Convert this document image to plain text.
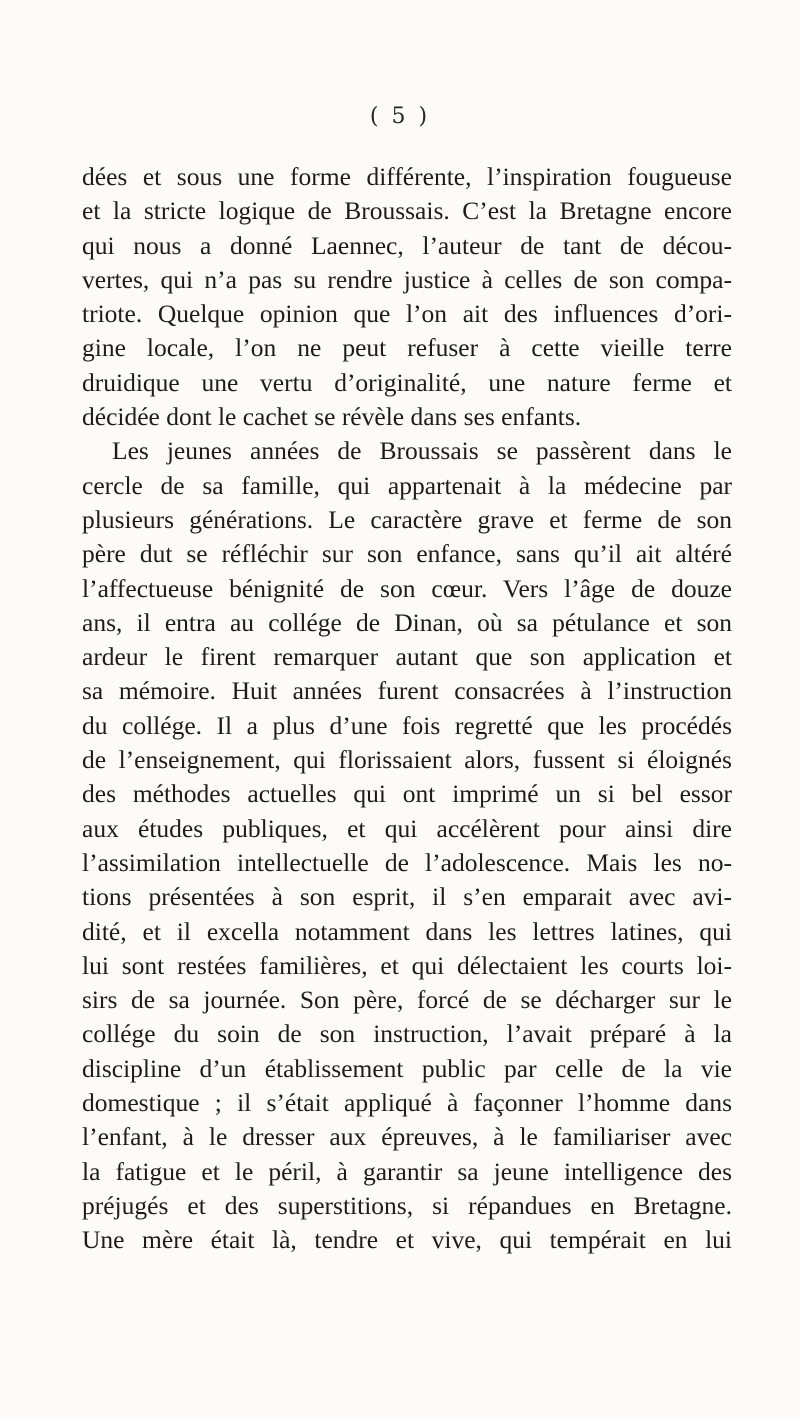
( 5 )
dées et sous une forme différente, l’inspiration fougueuse
et la stricte logique de Broussais. C’est la Bretagne encore
qui nous a donné Laennec, l’auteur de tant de décou-
vertes, qui n’a pas su rendre justice à celles de son compa-
triote. Quelque opinion que l’on ait des influences d’ori-
gine locale, l’on ne peut refuser à cette vieille terre
druidique une vertu d’originalité, une nature ferme et
décidée dont le cachet se révèle dans ses enfants.
Les jeunes années de Broussais se passèrent dans le
cercle de sa famille, qui appartenait à la médecine par
plusieurs générations. Le caractère grave et ferme de son
père dut se réfléchir sur son enfance, sans qu’il ait altéré
l’affectueuse bénignité de son cœur. Vers l’âge de douze
ans, il entra au collége de Dinan, où sa pétulance et son
ardeur le firent remarquer autant que son application et
sa mémoire. Huit années furent consacrées à l’instruction
du collége. Il a plus d’une fois regretté que les procédés
de l’enseignement, qui florissaient alors, fussent si éloignés
des méthodes actuelles qui ont imprimé un si bel essor
aux études publiques, et qui accélèrent pour ainsi dire
l’assimilation intellectuelle de l’adolescence. Mais les no-
tions présentées à son esprit, il s’en emparait avec avi-
dité, et il excella notamment dans les lettres latines, qui
lui sont restées familières, et qui délectaient les courts loi-
sirs de sa journée. Son père, forcé de se décharger sur le
collége du soin de son instruction, l’avait préparé à la
discipline d’un établissement public par celle de la vie
domestique ; il s’était appliqué à façonner l’homme dans
l’enfant, à le dresser aux épreuves, à le familiariser avec
la fatigue et le péril, à garantir sa jeune intelligence des
préjugés et des superstitions, si répandues en Bretagne.
Une mère était là, tendre et vive, qui tempérait en lui
